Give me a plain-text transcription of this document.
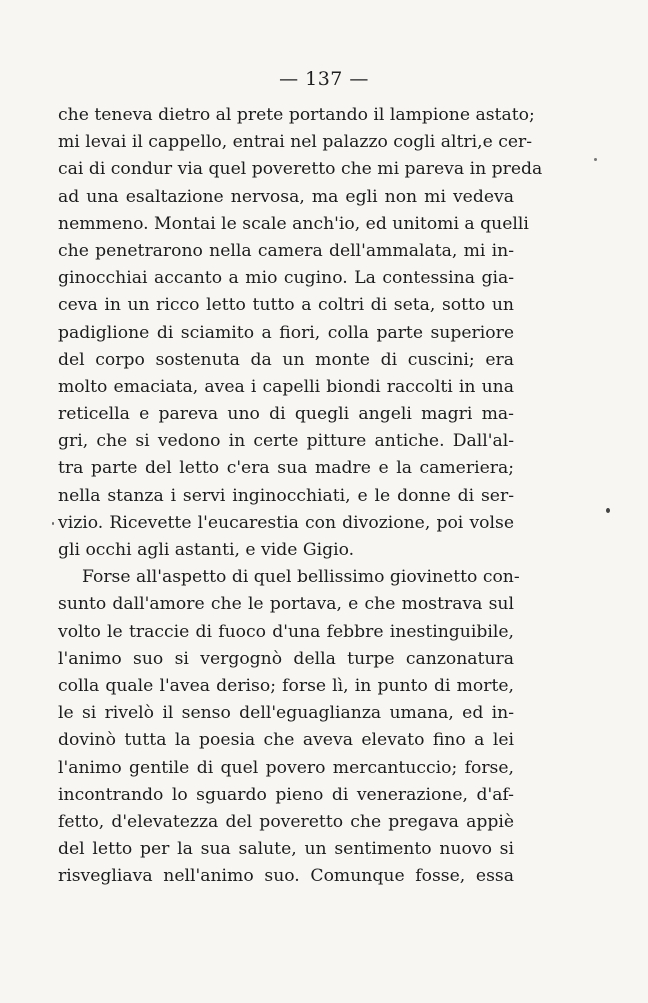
— 137 —
che teneva dietro al prete portando il lampione astato;
mi levai il cappello, entrai nel palazzo cogli altri,e cer-
cai di condur via quel poveretto che mi pareva in preda
ad una esaltazione nervosa, ma egli non mi vedeva
nemmeno. Montai le scale anch'io, ed unitomi a quelli
che penetrarono nella camera dell'ammalata, mi in-
ginocchiai accanto a mio cugino. La contessina gia-
ceva in un ricco letto tutto a coltri di seta, sotto un
padiglione di sciamito a fiori, colla parte superiore
del corpo sostenuta da un monte di cuscini; era
molto emaciata, avea i capelli biondi raccolti in una
reticella e pareva uno di quegli angeli magri ma-
gri, che si vedono in certe pitture antiche. Dall'al-
tra parte del letto c'era sua madre e la cameriera;
nella stanza i servi inginocchiati, e le donne di ser-
vizio. Ricevette l'eucarestia con divozione, poi volse
gli occhi agli astanti, e vide Gigio.
Forse all'aspetto di quel bellissimo giovinetto con-
sunto dall'amore che le portava, e che mostrava sul
volto le traccie di fuoco d'una febbre inestinguibile,
l'animo suo si vergognò della turpe canzonatura
colla quale l'avea deriso; forse lì, in punto di morte,
le si rivelò il senso dell'eguaglianza umana, ed in-
dovinò tutta la poesia che aveva elevato fino a lei
l'animo gentile di quel povero mercantuccio; forse,
incontrando lo sguardo pieno di venerazione, d'af-
fetto, d'elevatezza del poveretto che pregava appiè
del letto per la sua salute, un sentimento nuovo si
risvegliava nell'animo suo. Comunque fosse, essa
